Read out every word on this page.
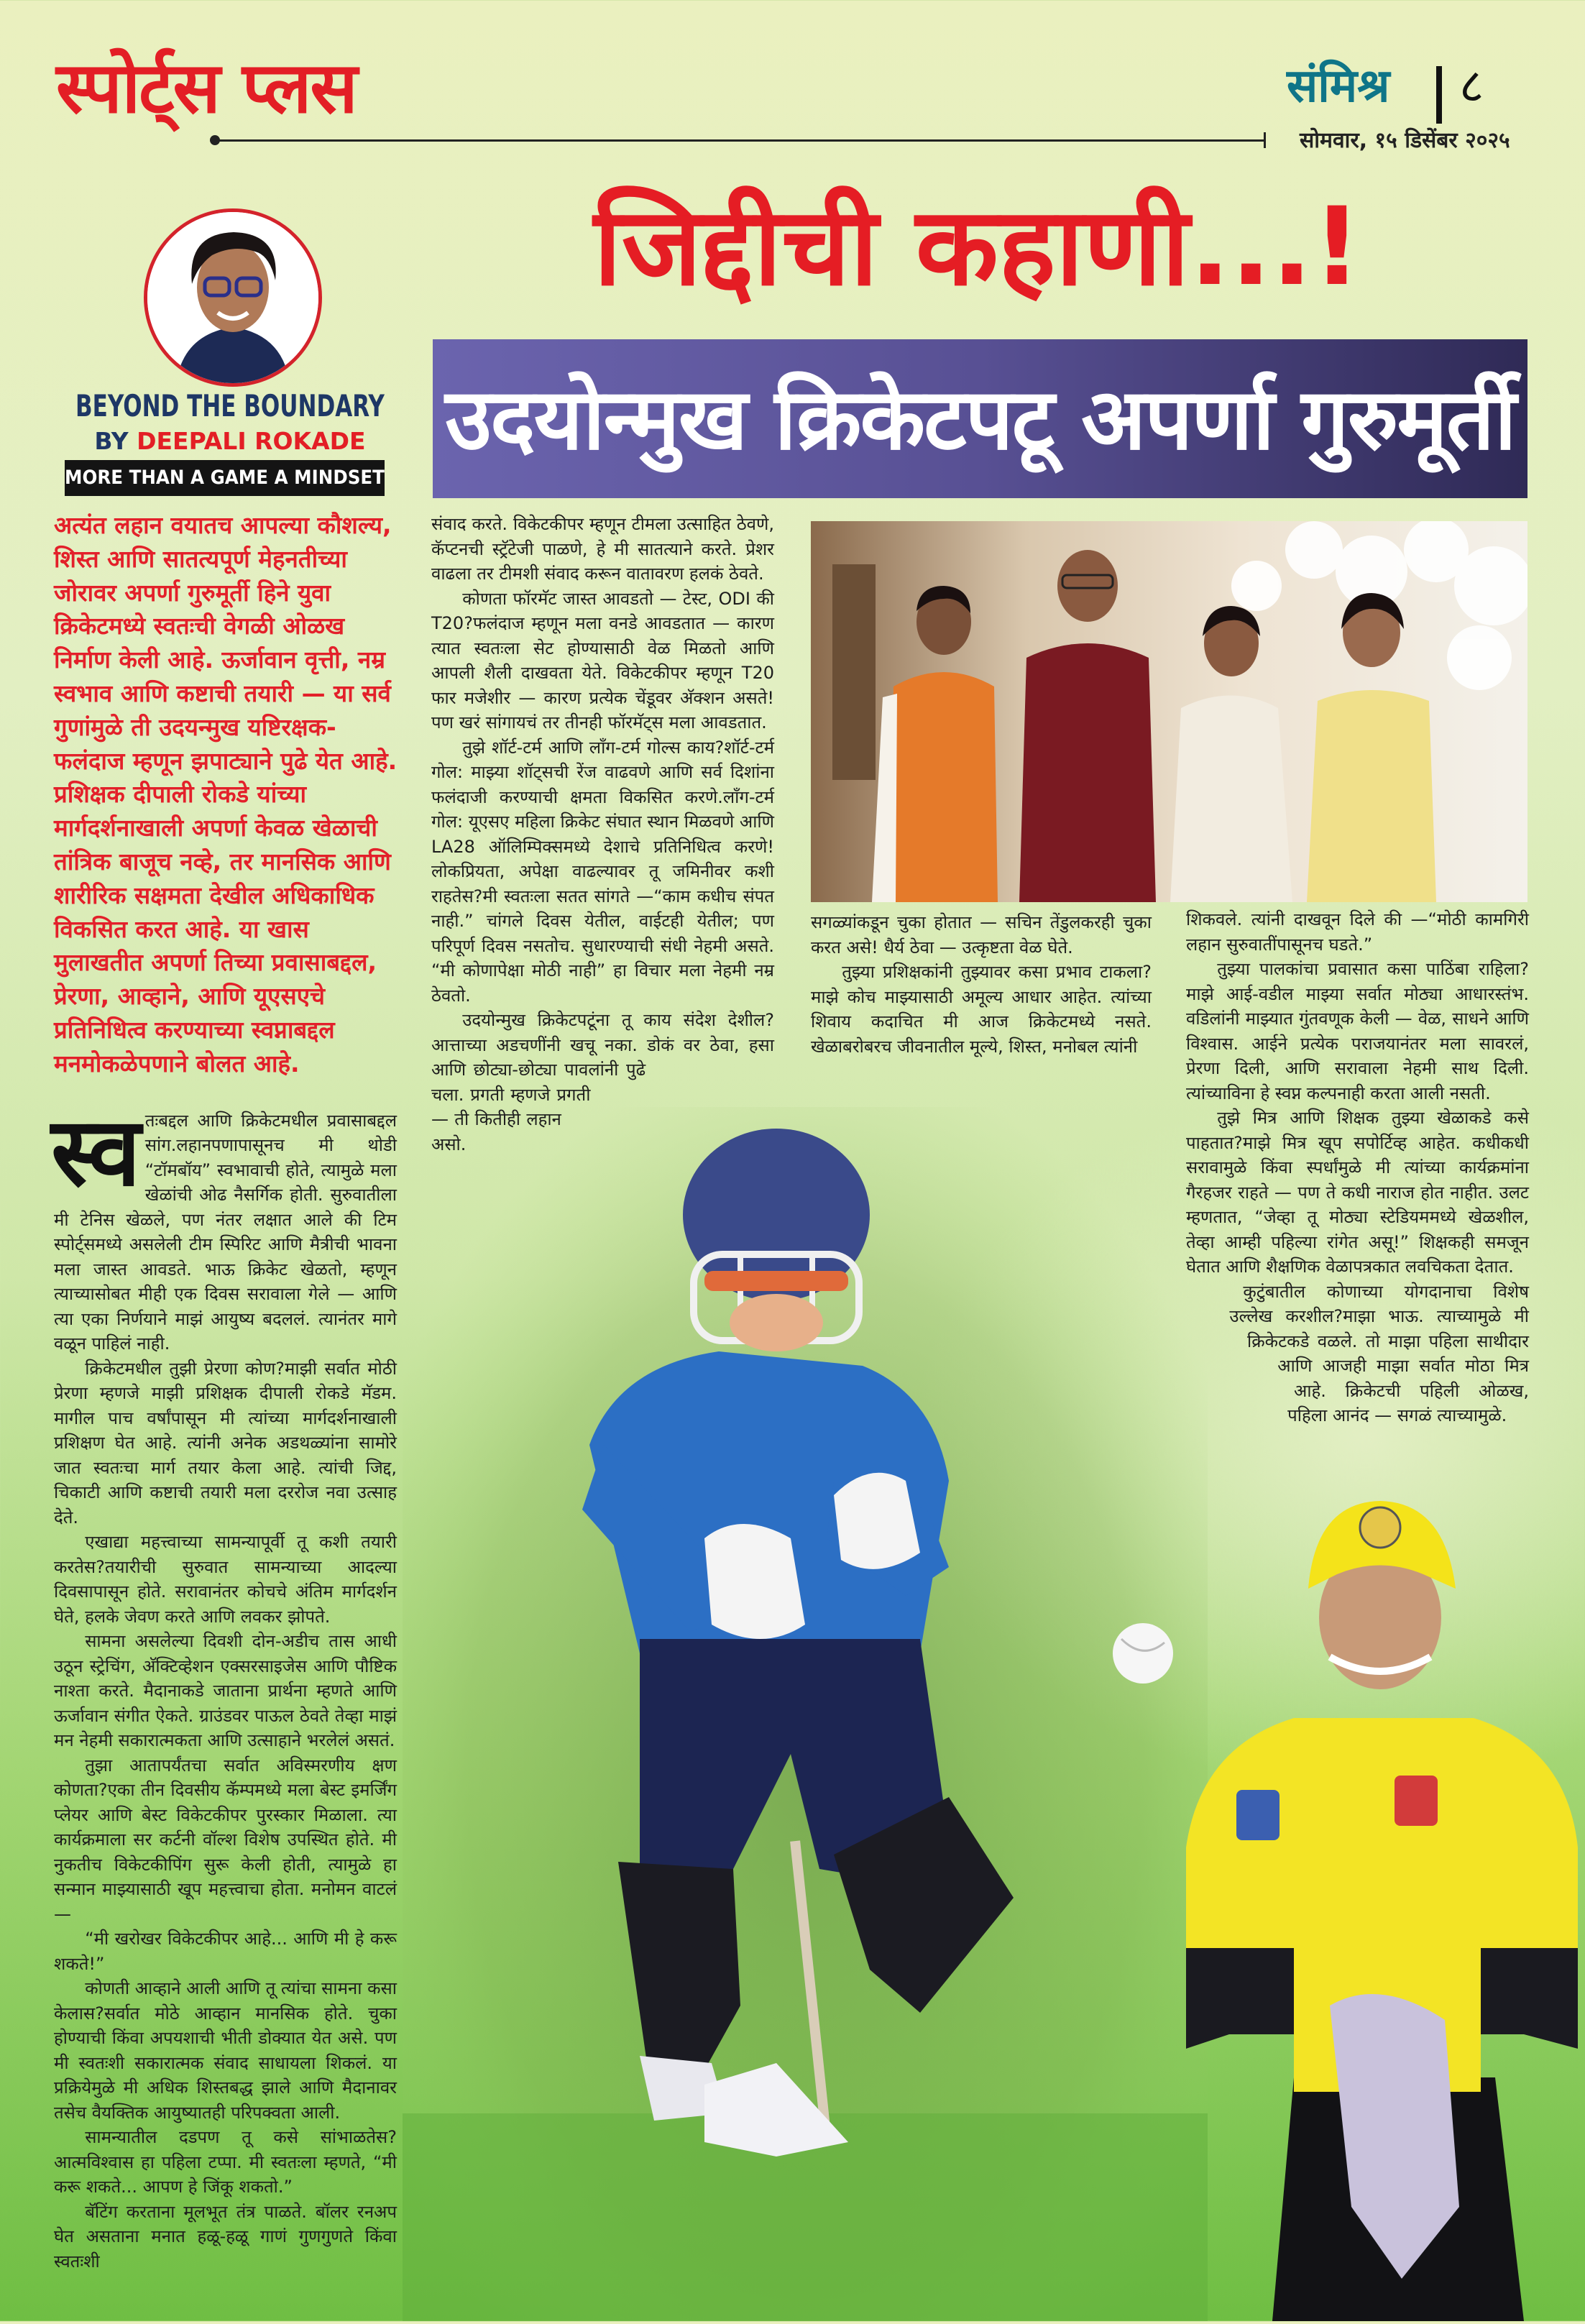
स्पोर्ट्स प्लस	संमिश्र	८
सोमवार, १५ डिसेंबर २०२५
BEYOND THE BOUNDARY
BY DEEPALI ROKADE
MORE THAN A GAME A MINDSET
जिद्दीची कहाणी...!
उदयोन्मुख क्रिकेटपटू अपर्णा गुरुमूर्ती
अत्यंत लहान वयातच आपल्या कौशल्य, शिस्त आणि सातत्यपूर्ण मेहनतीच्या जोरावर अपर्णा गुरुमूर्ती हिने युवा क्रिकेटमध्ये स्वतःची वेगळी ओळख निर्माण केली आहे. ऊर्जावान वृत्ती, नम्र स्वभाव आणि कष्टाची तयारी — या सर्व गुणांमुळे ती उदयन्मुख यष्टिरक्षक-फलंदाज म्हणून झपाट्याने पुढे येत आहे. प्रशिक्षक दीपाली रोकडे यांच्या मार्गदर्शनाखाली अपर्णा केवळ खेळाची तांत्रिक बाजूच नव्हे, तर मानसिक आणि शारीरिक सक्षमता देखील अधिकाधिक विकसित करत आहे. या खास मुलाखतीत अपर्णा तिच्या प्रवासाबद्दल, प्रेरणा, आव्हाने, आणि यूएसएचे प्रतिनिधित्व करण्याच्या स्वप्नाबद्दल मनमोकळेपणाने बोलत आहे.

स्व तःबद्दल आणि क्रिकेटमधील प्रवासाबद्दल सांग.लहानपणापासूनच मी थोडी “टॉमबॉय” स्वभावाची होते, त्यामुळे मला खेळांची ओढ नैसर्गिक होती. सुरुवातीला मी टेनिस खेळले, पण नंतर लक्षात आले की टिम स्पोर्ट्समध्ये असलेली टीम स्पिरिट आणि मैत्रीची भावना मला जास्त आवडते. भाऊ क्रिकेट खेळतो, म्हणून त्याच्यासोबत मीही एक दिवस सरावाला गेले — आणि त्या एका निर्णयाने माझं आयुष्य बदललं. त्यानंतर मागे वळून पाहिलं नाही.

क्रिकेटमधील तुझी प्रेरणा कोण?माझी सर्वात मोठी प्रेरणा म्हणजे माझी प्रशिक्षक दीपाली रोकडे मॅडम. मागील पाच वर्षांपासून मी त्यांच्या मार्गदर्शनाखाली प्रशिक्षण घेत आहे. त्यांनी अनेक अडथळ्यांना सामोरे जात स्वतःचा मार्ग तयार केला आहे. त्यांची जिद्द, चिकाटी आणि कष्टाची तयारी मला दररोज नवा उत्साह देते.

एखाद्या महत्त्वाच्या सामन्यापूर्वी तू कशी तयारी करतेस?तयारीची सुरुवात सामन्याच्या आदल्या दिवसापासून होते. सरावानंतर कोचचे अंतिम मार्गदर्शन घेते, हलके जेवण करते आणि लवकर झोपते.

सामना असलेल्या दिवशी दोन-अडीच तास आधी उठून स्ट्रेचिंग, अ‍ॅक्टिव्हेशन एक्सरसाइजेस आणि पौष्टिक नाश्ता करते. मैदानाकडे जाताना प्रार्थना म्हणते आणि ऊर्जावान संगीत ऐकते. ग्राउंडवर पाऊल ठेवते तेव्हा माझं मन नेहमी सकारात्मकता आणि उत्साहाने भरलेलं असतं.

तुझा आतापर्यंतचा सर्वात अविस्मरणीय क्षण कोणता?एका तीन दिवसीय कॅम्पमध्ये मला बेस्ट इमर्जिंग प्लेयर आणि बेस्ट विकेटकीपर पुरस्कार मिळाला. त्या कार्यक्रमाला सर कर्टनी वॉल्श विशेष उपस्थित होते. मी नुकतीच विकेटकीपिंग सुरू केली होती, त्यामुळे हा सन्मान माझ्यासाठी खूप महत्त्वाचा होता. मनोमन वाटलं—

“मी खरोखर विकेटकीपर आहे... आणि मी हे करू शकते!”

कोणती आव्हाने आली आणि तू त्यांचा सामना कसा केलास?सर्वात मोठे आव्हान मानसिक होते. चुका होण्याची किंवा अपयशाची भीती डोक्यात येत असे. पण मी स्वतःशी सकारात्मक संवाद साधायला शिकलं. या प्रक्रियेमुळे मी अधिक शिस्तबद्ध झाले आणि मैदानावर तसेच वैयक्तिक आयुष्यातही परिपक्वता आली.

सामन्यातील दडपण तू कसे सांभाळतेस?आत्मविश्वास हा पहिला टप्पा. मी स्वतःला म्हणते, “मी करू शकते... आपण हे जिंकू शकतो.”

बॅटिंग करताना मूलभूत तंत्र पाळते. बॉलर रनअप घेत असताना मनात हळू-हळू गाणं गुणगुणते किंवा स्वतःशी

संवाद करते. विकेटकीपर म्हणून टीमला उत्साहित ठेवणे, कॅप्टनची स्ट्रॅटेजी पाळणे, हे मी सातत्याने करते. प्रेशर वाढला तर टीमशी संवाद करून वातावरण हलकं ठेवते.

कोणता फॉरमॅट जास्त आवडतो — टेस्ट, ODI की T20?फलंदाज म्हणून मला वनडे आवडतात — कारण त्यात स्वतःला सेट होण्यासाठी वेळ मिळतो आणि आपली शैली दाखवता येते. विकेटकीपर म्हणून T20 फार मजेशीर — कारण प्रत्येक चेंडूवर अ‍ॅक्शन असते! पण खरं सांगायचं तर तीनही फॉरमॅट्स मला आवडतात.

तुझे शॉर्ट-टर्म आणि लाँग-टर्म गोल्स काय?शॉर्ट-टर्म गोल: माझ्या शॉट्सची रेंज वाढवणे आणि सर्व दिशांना फलंदाजी करण्याची क्षमता विकसित करणे.लाँग-टर्म गोल: यूएसए महिला क्रिकेट संघात स्थान मिळवणे आणि LA28 ऑलिम्पिक्समध्ये देशाचे प्रतिनिधित्व करणे! लोकप्रियता, अपेक्षा वाढल्यावर तू जमिनीवर कशी राहतेस?मी स्वतःला सतत सांगते —“काम कधीच संपत नाही.” चांगले दिवस येतील, वाईटही येतील; पण परिपूर्ण दिवस नसतोच. सुधारण्याची संधी नेहमी असते. “मी कोणापेक्षा मोठी नाही” हा विचार मला नेहमी नम्र ठेवतो.

उदयोन्मुख क्रिकेटपटूंना तू काय संदेश देशील?आत्ताच्या अडचणींनी खचू नका. डोकं वर ठेवा, हसा आणि छोट्या-छोट्या पावलांनी पुढे चला. प्रगती म्हणजे प्रगती — ती कितीही लहान असो.

सगळ्यांकडून चुका होतात — सचिन तेंडुलकरही चुका करत असे! धैर्य ठेवा — उत्कृष्टता वेळ घेते.

तुझ्या प्रशिक्षकांनी तुझ्यावर कसा प्रभाव टाकला?माझे कोच माझ्यासाठी अमूल्य आधार आहेत. त्यांच्या शिवाय कदाचित मी आज क्रिकेटमध्ये नसते. खेळाबरोबरच जीवनातील मूल्ये, शिस्त, मनोबल त्यांनी

शिकवले. त्यांनी दाखवून दिले की —“मोठी कामगिरी लहान सुरुवातींपासूनच घडते.”

तुझ्या पालकांचा प्रवासात कसा पाठिंबा राहिला?माझे आई-वडील माझ्या सर्वात मोठ्या आधारस्तंभ. वडिलांनी माझ्यात गुंतवणूक केली — वेळ, साधने आणि विश्वास. आईने प्रत्येक पराजयानंतर मला सावरलं, प्रेरणा दिली, आणि सरावाला नेहमी साथ दिली. त्यांच्याविना हे स्वप्न कल्पनाही करता आली नसती.

तुझे मित्र आणि शिक्षक तुझ्या खेळाकडे कसे पाहतात?माझे मित्र खूप सपोर्टिव्ह आहेत. कधीकधी सरावामुळे किंवा स्पर्धांमुळे मी त्यांच्या कार्यक्रमांना गैरहजर राहते — पण ते कधी नाराज होत नाहीत. उलट म्हणतात, “जेव्हा तू मोठ्या स्टेडियममध्ये खेळशील, तेव्हा आम्ही पहिल्या रांगेत असू!” शिक्षकही समजून घेतात आणि शैक्षणिक वेळापत्रकात लवचिकता देतात.

कुटुंबातील कोणाच्या योगदानाचा विशेष उल्लेख करशील?माझा भाऊ. त्याच्यामुळे मी क्रिकेटकडे वळले. तो माझा पहिला साथीदार आणि आजही माझा सर्वात मोठा मित्र आहे. क्रिकेटची पहिली ओळख, पहिला आनंद — सगळं त्याच्यामुळे.
